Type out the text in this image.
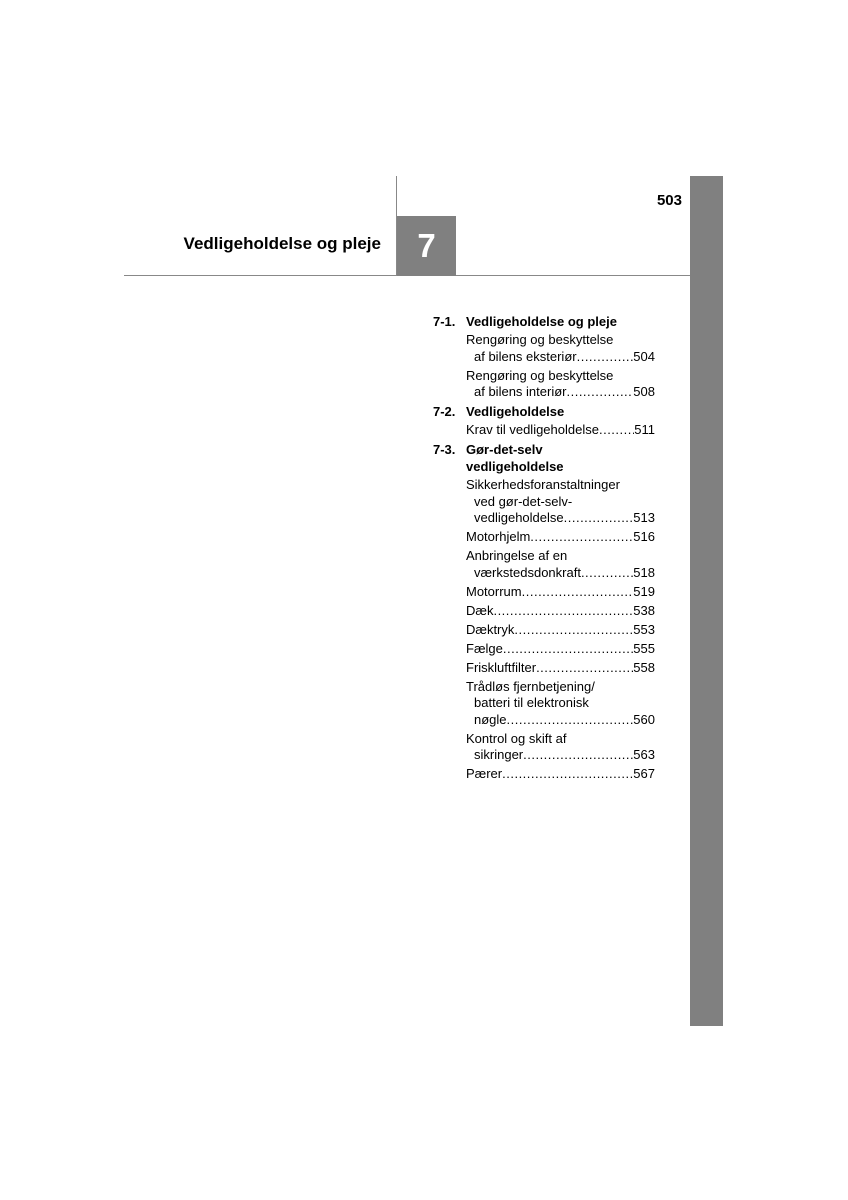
503
Vedligeholdelse og pleje 7
7-1. Vedligeholdelse og pleje
Rengøring og beskyttelse
af bilens eksteriør .....	504
Rengøring og beskyttelse
af bilens interiør .....	508
7-2. Vedligeholdelse
Krav til vedligeholdelse .....	511
7-3. Gør-det-selv
vedligeholdelse
Sikkerhedsforanstaltninger
ved gør-det-selv-
vedligeholdelse .....	513
Motorhjelm .....	516
Anbringelse af en
værkstedsdonkraft .....	518
Motorrum .....	519
Dæk .....	538
Dæktryk .....	553
Fælge .....	555
Friskluftfilter .....	558
Trådløs fjernbetjening/
batteri til elektronisk
nøgle .....	560
Kontrol og skift af
sikringer .....	563
Pærer .....	567
